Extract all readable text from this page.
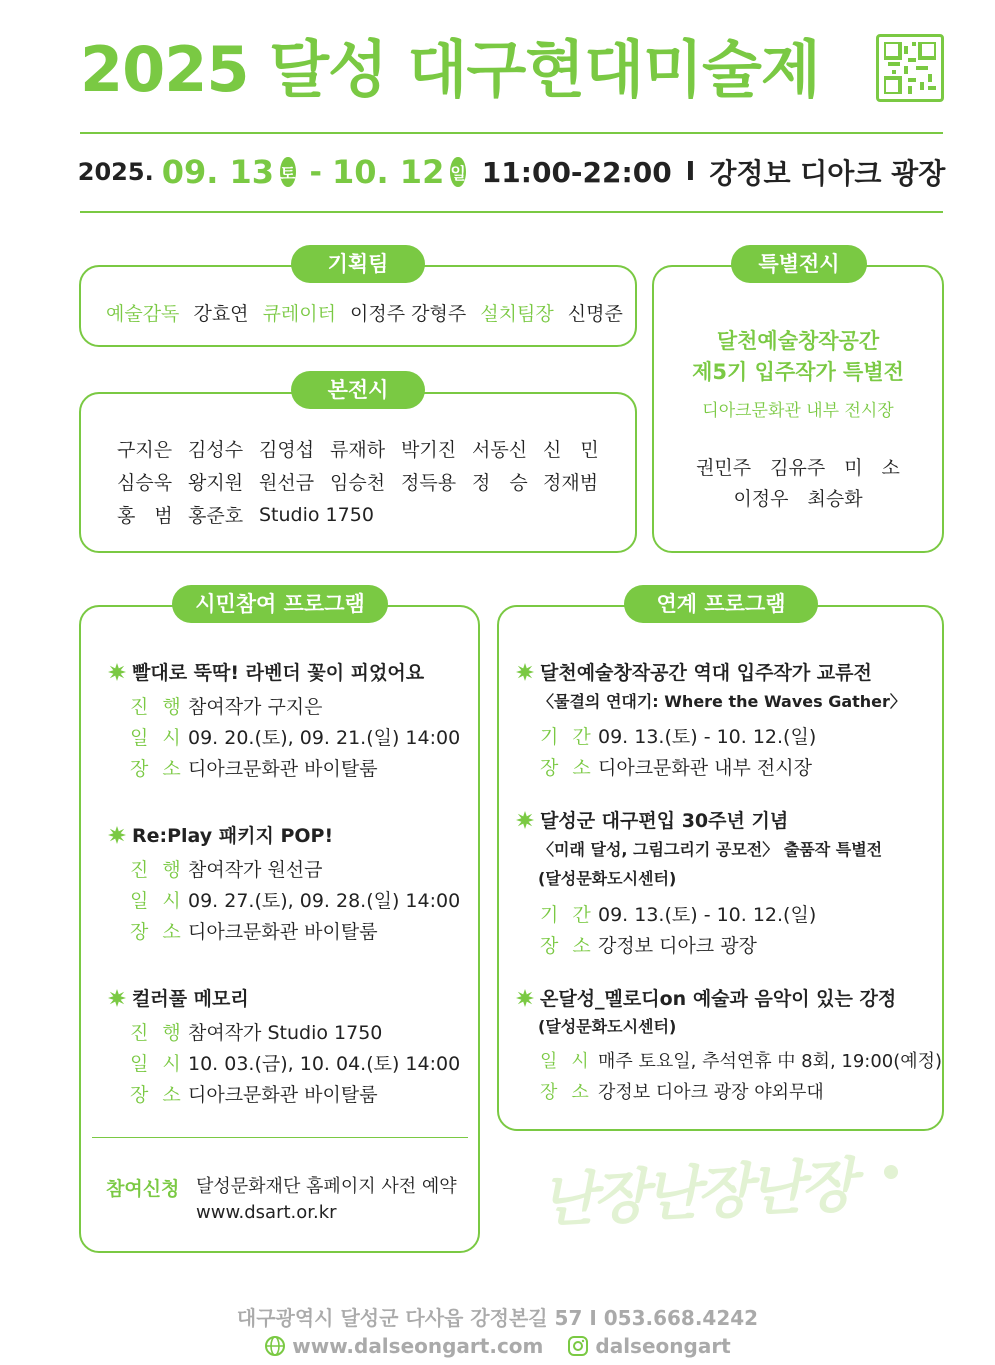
2025 달성 대구현대미술제
2025. 09. 13 토 - 10. 12 일 11:00-22:00 I 강정보 디아크 광장
기획팀
예술감독 강효연 큐레이터 이정주 강형주 설치팀장 신명준
본전시
구지은 김성수 김영섭 류재하 박기진 서동신 신　민
심승욱 왕지원 원선금 임승천 정득용 정　승 정재범
홍　범 홍준호 Studio 1750
특별전시
달천예술창작공간
제5기 입주작가 특별전
디아크문화관 내부 전시장
권민주　김유주　미　소
이정우　최승화
시민참여 프로그램
빨대로 뚝딱! 라벤더 꽃이 피었어요
진행
참여작가 구지은
일시
09. 20.(토), 09. 21.(일) 14:00
장소
디아크문화관 바이탈룸
Re:Play 패키지 POP!
진행
참여작가 원선금
일시
09. 27.(토), 09. 28.(일) 14:00
장소
디아크문화관 바이탈룸
컬러풀 메모리
진행
참여작가 Studio 1750
일시
10. 03.(금), 10. 04.(토) 14:00
장소
디아크문화관 바이탈룸
참여신청 달성문화재단 홈페이지 사전 예약
www.dsart.or.kr
연계 프로그램
달천예술창작공간 역대 입주작가 교류전
〈물결의 연대기: Where the Waves Gather〉
기간
09. 13.(토) - 10. 12.(일)
장소
디아크문화관 내부 전시장
달성군 대구편입 30주년 기념
〈미래 달성, 그림그리기 공모전〉 출품작 특별전
(달성문화도시센터)
기간
09. 13.(토) - 10. 12.(일)
장소
강정보 디아크 광장
온달성_멜로디on 예술과 음악이 있는 강정
(달성문화도시센터)
일시
매주 토요일, 추석연휴 中 8회, 19:00(예정)
장소
강정보 디아크 광장 야외무대
난장난장난장
대구광역시 달성군 다사읍 강정본길 57 I 053.668.4242
www.dalseongart.com	dalseongart
